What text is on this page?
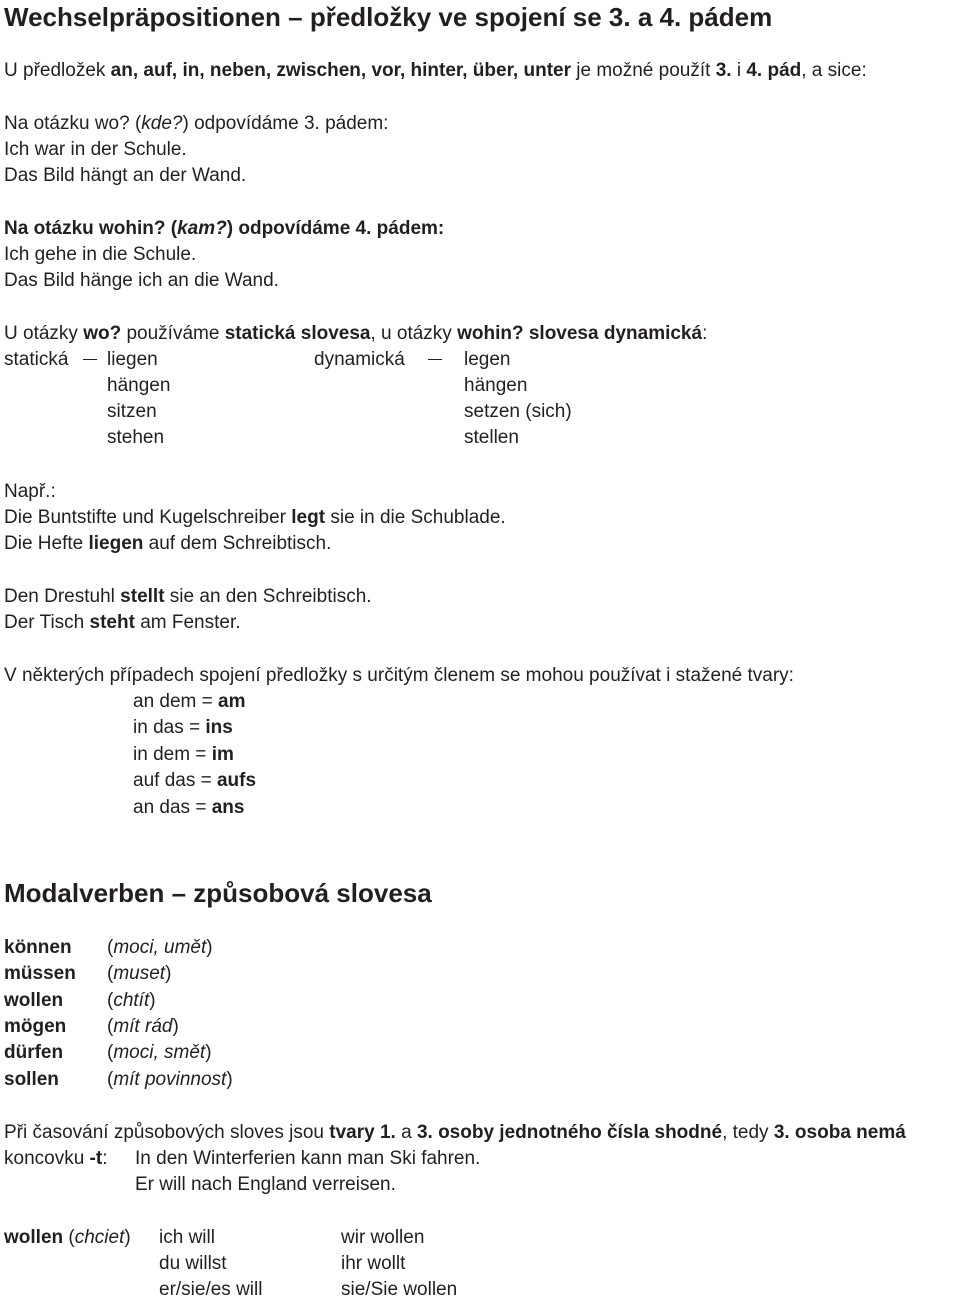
Wechselpräpositionen – předložky ve spojení se 3. a 4. pádem
U předložek an, auf, in, neben, zwischen, vor, hinter, über, unter je možné použít 3. i 4. pád, a sice:
Na otázku wo? (kde?) odpovídáme 3. pádem:
Ich war in der Schule.
Das Bild hängt an der Wand.
Na otázku wohin? (kam?) odpovídáme 4. pádem:
Ich gehe in die Schule.
Das Bild hänge ich an die Wand.
U otázky wo? používáme statická slovesa, u otázky wohin? slovesa dynamická:
statická liegen
hängen
sitzen
stehen
dynamická	legen
hängen
setzen (sich)
stellen
Např.:
Die Buntstifte und Kugelschreiber legt sie in die Schublade.
Die Hefte liegen auf dem Schreibtisch.
Den Drestuhl stellt sie an den Schreibtisch.
Der Tisch steht am Fenster.
V některých případech spojení předložky s určitým členem se mohou používat i stažené tvary:
an dem = am
in das = ins
in dem = im
auf das = aufs
an das = ans
Modalverben – způsobová slovesa
können (moci, umět)
müssen (muset)
wollen (chtít)
mögen (mít rád)
dürfen (moci, smět)
sollen	(mít povinnost)
Při časování způsobových sloves jsou tvary 1. a 3. osoby jednotného čísla shodné, tedy 3. osoba nemá
koncovku -t: In den Winterferien kann man Ski fahren.
Er will nach England verreisen.
wollen (chciet) ich will
du willst
er/sie/es will
wir wollen
ihr wollt
sie/Sie wollen
